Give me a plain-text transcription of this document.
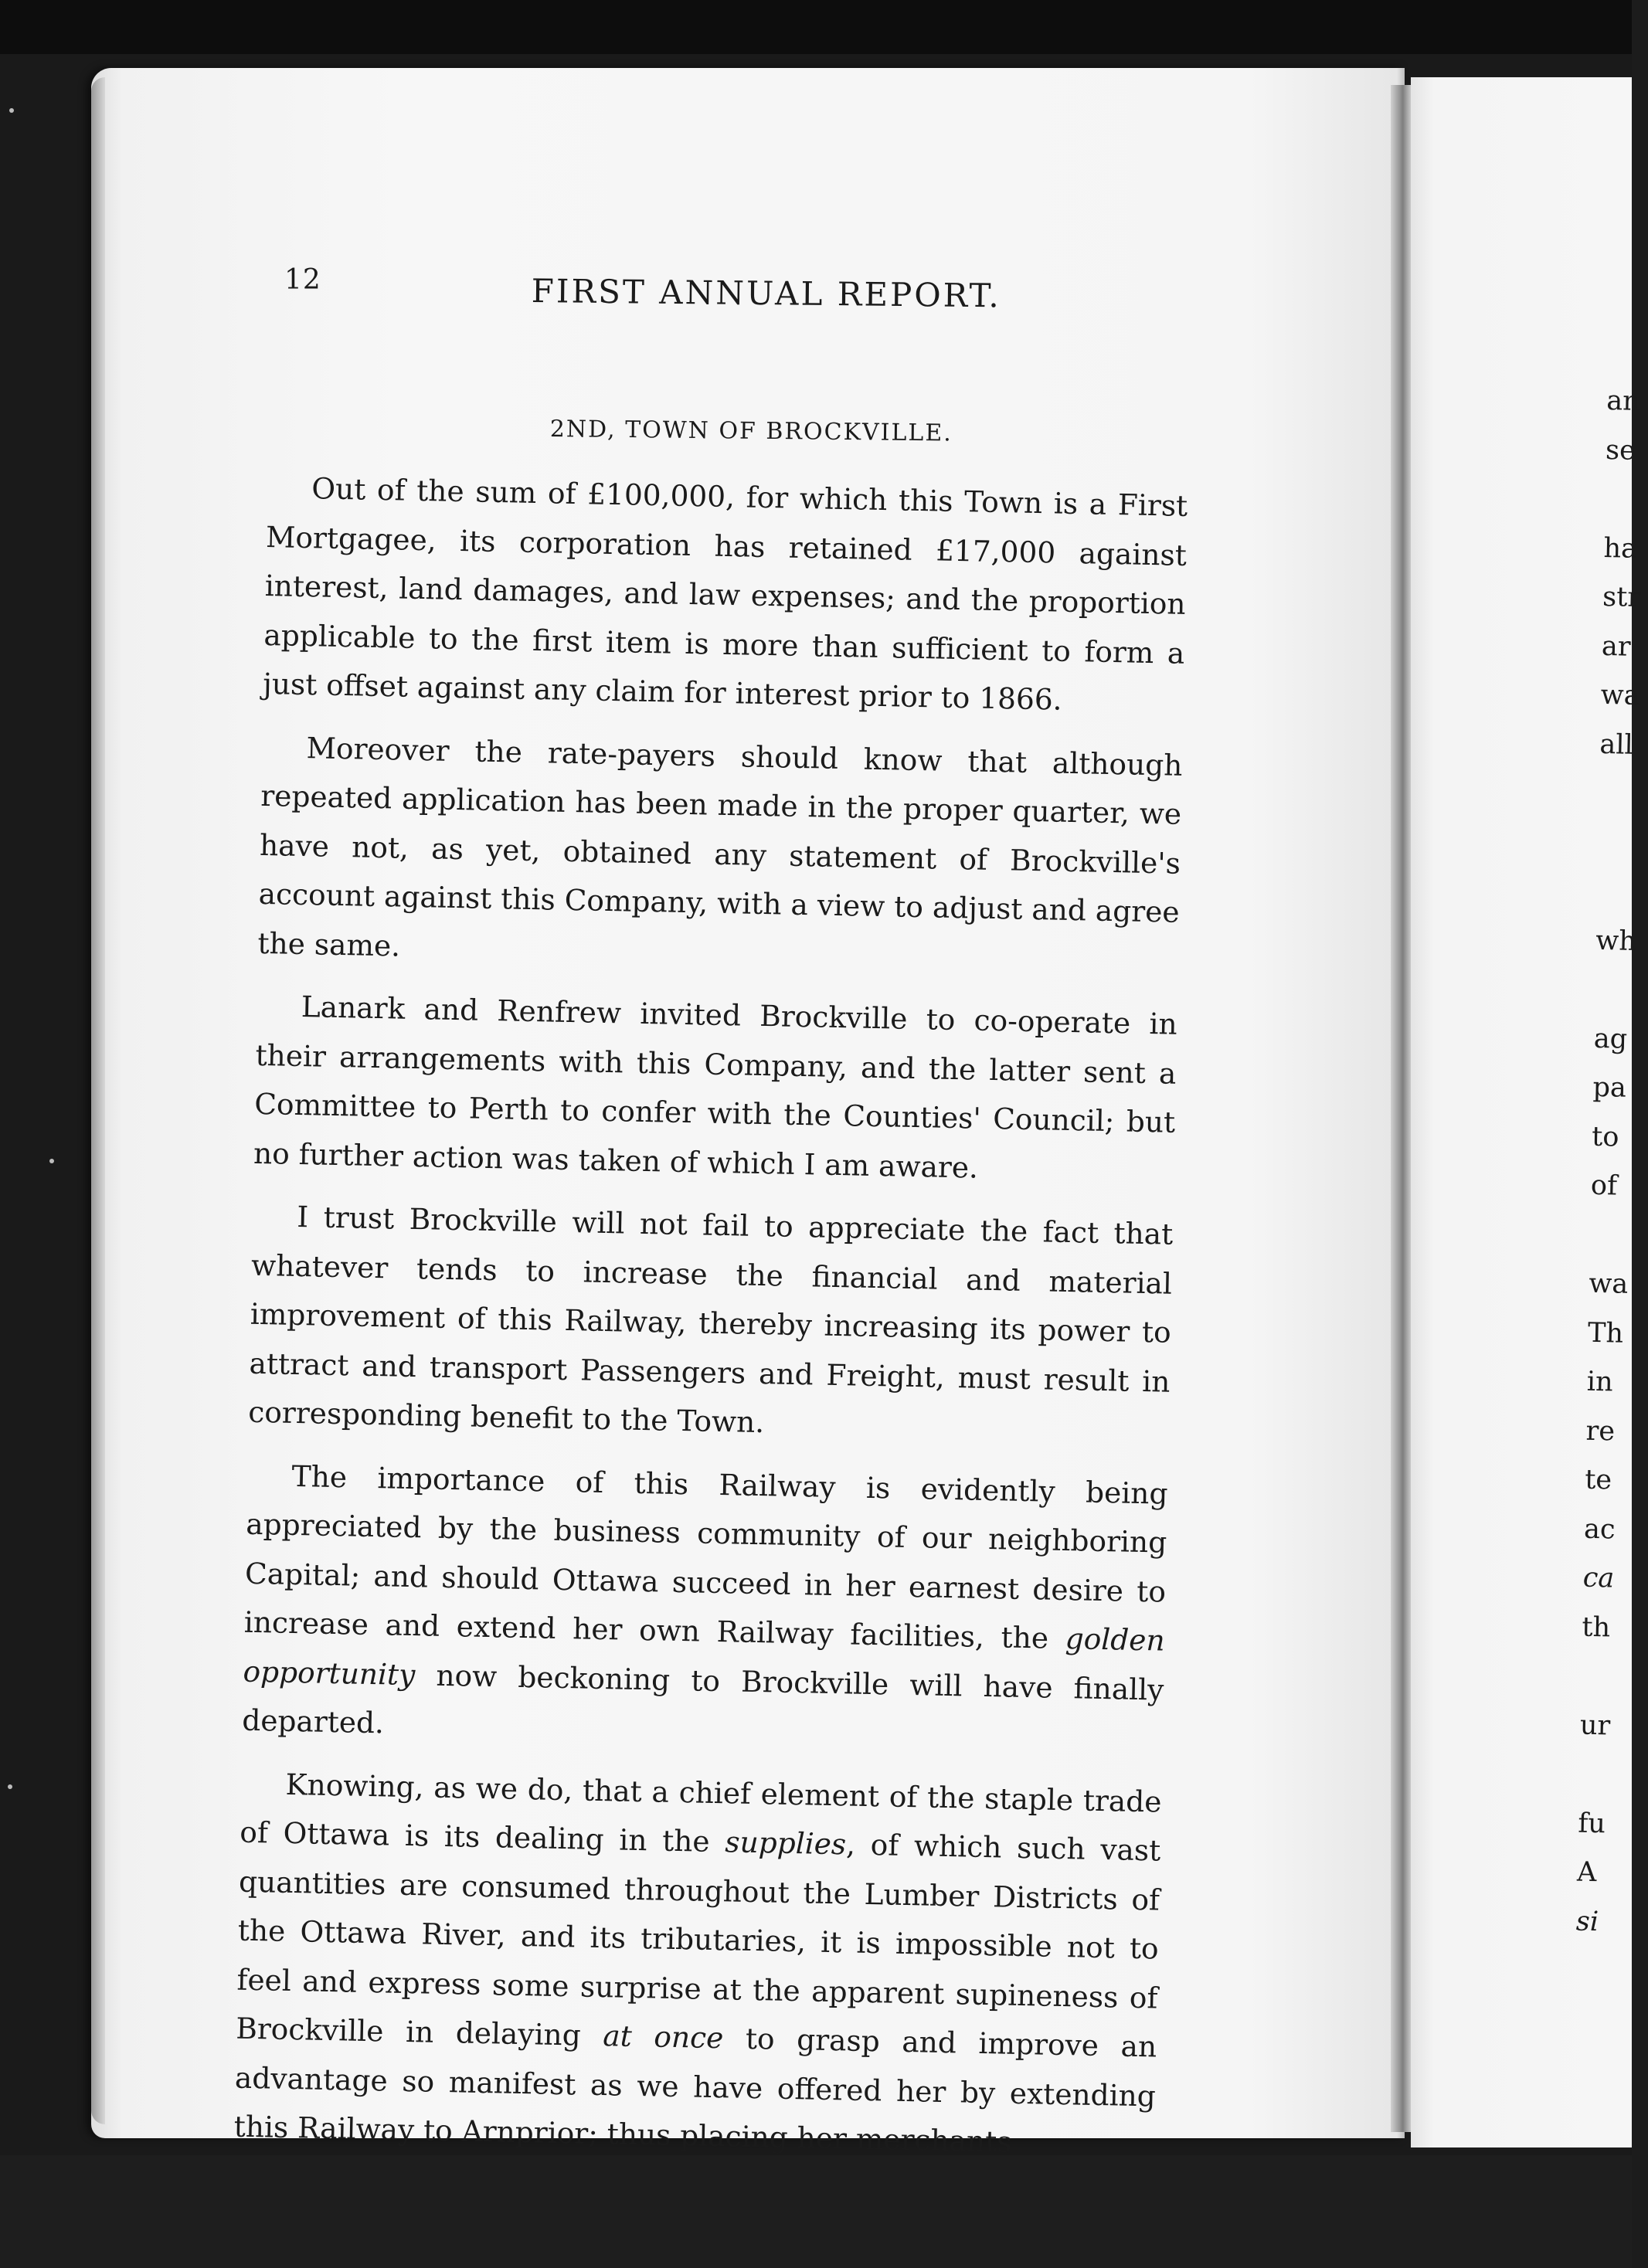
12	FIRST ANNUAL REPORT.
2ND, TOWN OF BROCKVILLE.

Out of the sum of £100,000, for which this Town is a First Mortgagee, its corporation has retained £17,000 against interest, land damages, and law expenses; and the proportion applicable to the first item is more than sufficient to form a just offset against any claim for interest prior to 1866.

Moreover the rate-payers should know that although repeated application has been made in the proper quarter, we have not, as yet, obtained any statement of Brockville's account against this Company, with a view to adjust and agree the same.

Lanark and Renfrew invited Brockville to co-operate in their arrangements with this Company, and the latter sent a Committee to Perth to confer with the Counties' Council; but no further action was taken of which I am aware.

I trust Brockville will not fail to appreciate the fact that whatever tends to increase the financial and material improvement of this Railway, thereby increasing its power to attract and transport Passengers and Freight, must result in corresponding benefit to the Town.

The importance of this Railway is evidently being appreciated by the business community of our neighboring Capital; and should Ottawa succeed in her earnest desire to increase and extend her own Railway facilities, the golden opportunity now beckoning to Brockville will have finally departed.

Knowing, as we do, that a chief element of the staple trade of Ottawa is its dealing in the supplies, of which such vast quantities are consumed throughout the Lumber Districts of the Ottawa River, and its tributaries, it is impossible not to feel and express some surprise at the apparent supineness of Brockville in delaying at once to grasp and improve an advantage so manifest as we have offered her by extending this Railway to Arnprior; thus placing her merchants

an
se
ha
str
ar
wa
all
wh
ag
pa
to
of
wa
Th
in
re
te
ac
ca
th
ur
fu
A
si
